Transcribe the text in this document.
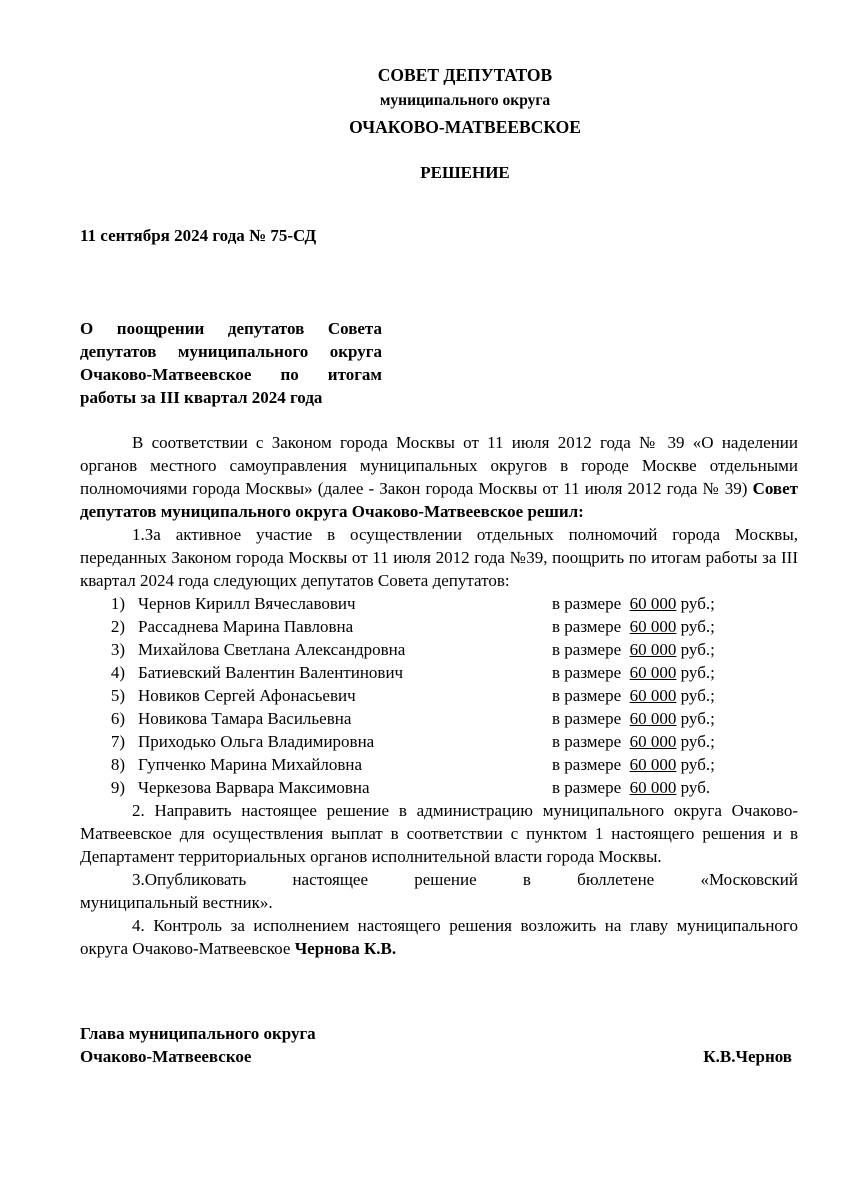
СОВЕТ ДЕПУТАТОВ
муниципального округа
ОЧАКОВО-МАТВЕЕВСКОЕ
РЕШЕНИЕ
11 сентября 2024 года № 75-СД
О поощрении депутатов Совета депутатов муниципального округа Очаково-Матвеевское по итогам работы за III квартал 2024 года

В соответствии с Законом города Москвы от 11 июля 2012 года № 39 «О наделении органов местного самоуправления муниципальных округов в городе Москве отдельными полномочиями города Москвы» (далее - Закон города Москвы от 11 июля 2012 года № 39) Совет депутатов муниципального округа Очаково-Матвеевское решил:

1.За активное участие в осуществлении отдельных полномочий города Москвы, переданных Законом города Москвы от 11 июля 2012 года №39, поощрить по итогам работы за III квартал 2024 года следующих депутатов Совета депутатов:

1) Чернов Кирилл Вячеславович	в размере 60 000 руб.;
2) Рассаднева Марина Павловна	в размере 60 000 руб.;
3) Михайлова Светлана Александровна	в размере 60 000 руб.;
4) Батиевский Валентин Валентинович	в размере 60 000 руб.;
5) Новиков Сергей Афонасьевич	в размере 60 000 руб.;
6) Новикова Тамара Васильевна	в размере 60 000 руб.;
7) Приходько Ольга Владимировна	в размере 60 000 руб.;
8) Гупченко Марина Михайловна	в размере 60 000 руб.;
9) Черкезова Варвара Максимовна	в размере 60 000 руб.

2. Направить настоящее решение в администрацию муниципального округа Очаково-Матвеевское для осуществления выплат в соответствии с пунктом 1 настоящего решения и в Департамент территориальных органов исполнительной власти города Москвы.

3.Опубликовать	настоящее	решение	в	бюллетене	«Московский
муниципальный вестник».

4. Контроль за исполнением настоящего решения возложить на главу муниципального округа Очаково-Матвеевское Чернова К.В.

Глава муниципального округа
Очаково-Матвеевское	К.В.Чернов
